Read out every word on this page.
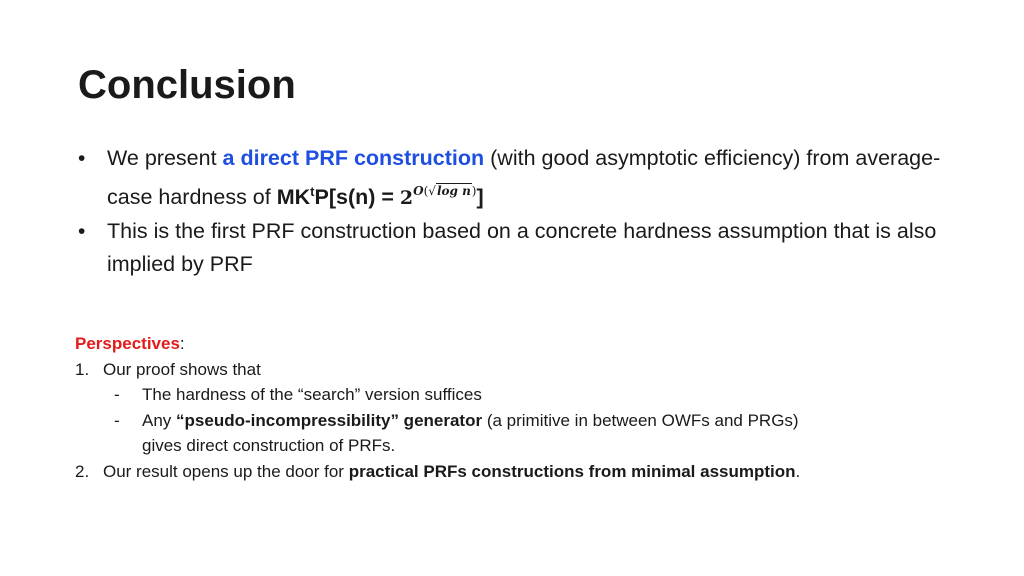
Conclusion
• We present a direct PRF construction (with good asymptotic efficiency) from average-case hardness of $MK^tP[s(n) = 2^{O(√log n)}]$
• This is the first PRF construction based on a concrete hardness assumption that is also implied by PRF
Perspectives:
1. Our proof shows that
- The hardness of the “search” version suffices
- Any “pseudo-incompressibility” generator (a primitive in between OWFs and PRGs)
gives direct construction of PRFs.
2. Our result opens up the door for practical PRFs constructions from minimal assumption.
